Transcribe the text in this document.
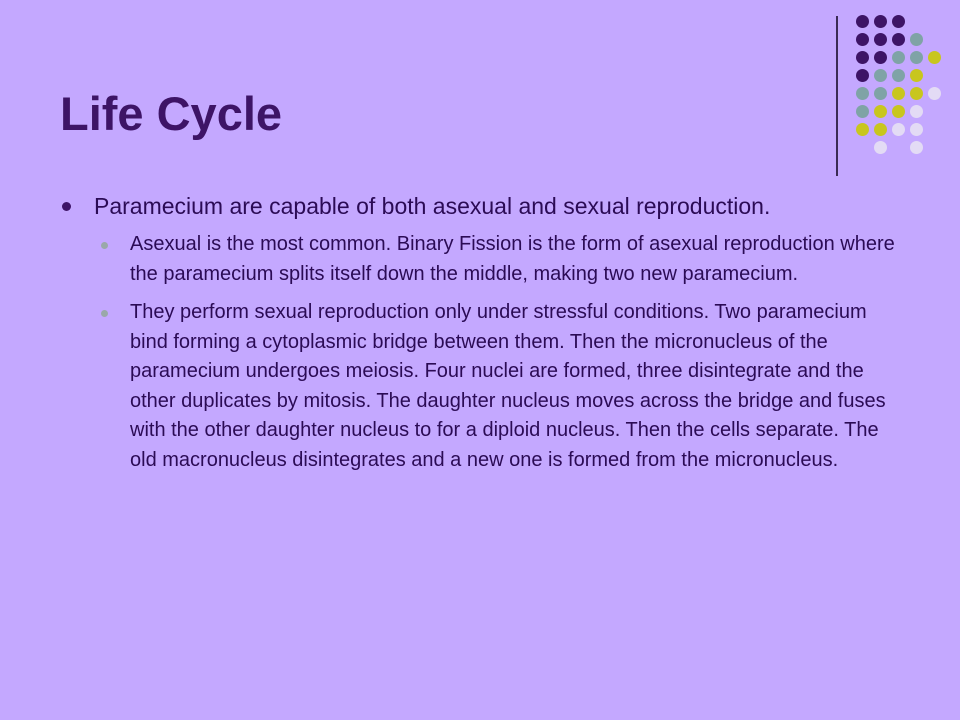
Life Cycle
Paramecium are capable of both asexual and sexual reproduction.
Asexual is the most common. Binary Fission is the form of asexual reproduction where the paramecium splits itself down the middle, making two new paramecium.
They perform sexual reproduction only under stressful conditions. Two paramecium bind forming a cytoplasmic bridge between them. Then the micronucleus of the paramecium undergoes meiosis. Four nuclei are formed, three disintegrate and the other duplicates by mitosis. The daughter nucleus moves across the bridge and fuses with the other daughter nucleus to for a diploid nucleus. Then the cells separate. The old macronucleus disintegrates and a new one is formed from the micronucleus.
